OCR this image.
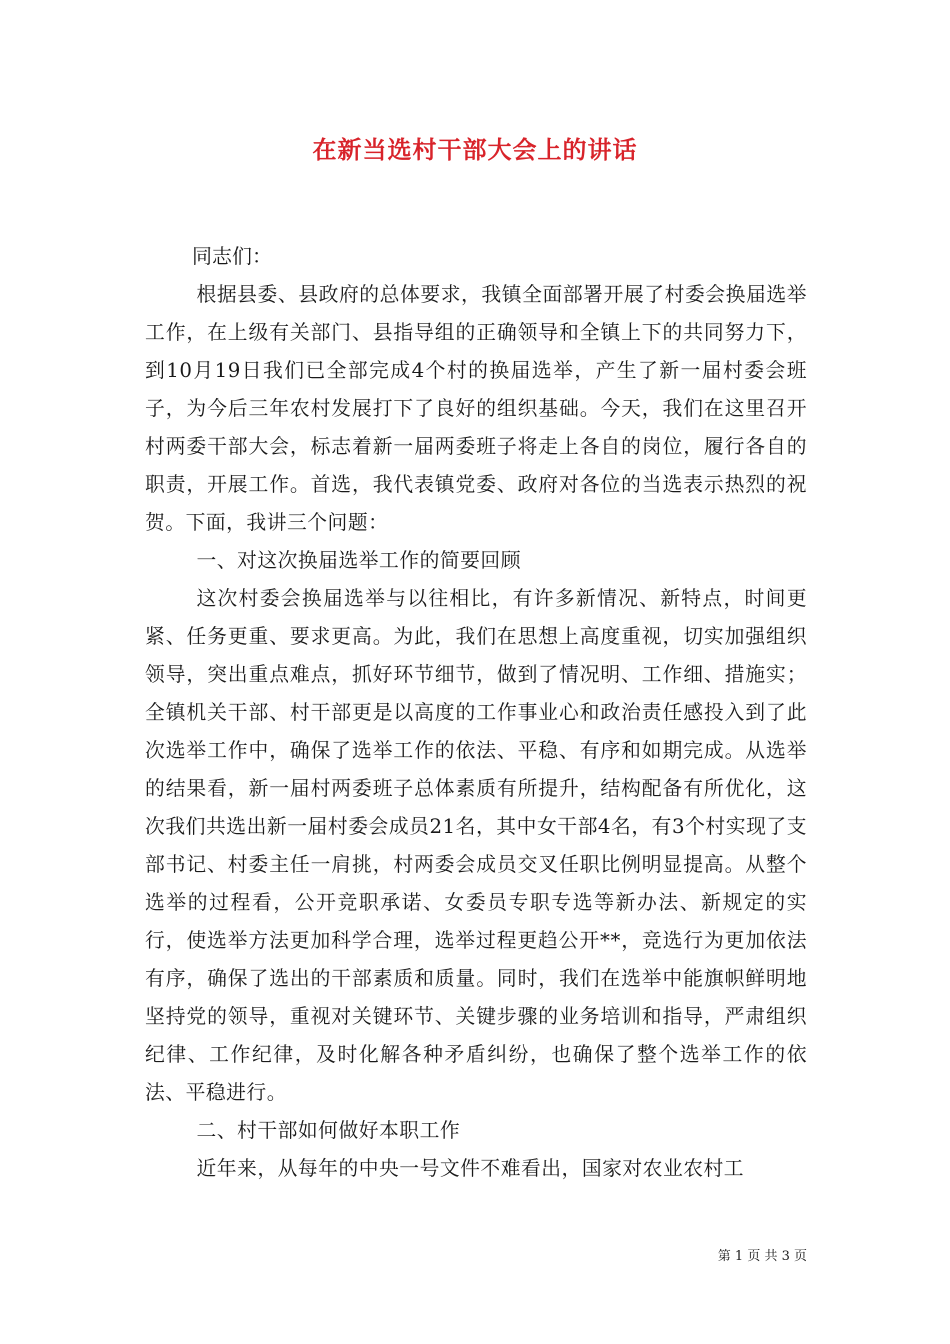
在新当选村干部大会上的讲话

同志们：

根据县委、县政府的总体要求，我镇全面部署开展了村委会换届选举工作，在上级有关部门、县指导组的正确领导和全镇上下的共同努力下，到10月19日我们已全部完成4个村的换届选举，产生了新一届村委会班子，为今后三年农村发展打下了良好的组织基础。今天，我们在这里召开村两委干部大会，标志着新一届两委班子将走上各自的岗位，履行各自的职责，开展工作。首选，我代表镇党委、政府对各位的当选表示热烈的祝贺。下面，我讲三个问题：

一、对这次换届选举工作的简要回顾

这次村委会换届选举与以往相比，有许多新情况、新特点，时间更紧、任务更重、要求更高。为此，我们在思想上高度重视，切实加强组织领导，突出重点难点，抓好环节细节，做到了情况明、工作细、措施实；全镇机关干部、村干部更是以高度的工作事业心和政治责任感投入到了此次选举工作中，确保了选举工作的依法、平稳、有序和如期完成。从选举的结果看，新一届村两委班子总体素质有所提升，结构配备有所优化，这次我们共选出新一届村委会成员21名，其中女干部4名，有3个村实现了支部书记、村委主任一肩挑，村两委会成员交叉任职比例明显提高。从整个选举的过程看，公开竞职承诺、女委员专职专选等新办法、新规定的实行，使选举方法更加科学合理，选举过程更趋公开**，竞选行为更加依法有序，确保了选出的干部素质和质量。同时，我们在选举中能旗帜鲜明地坚持党的领导，重视对关键环节、关键步骤的业务培训和指导，严肃组织纪律、工作纪律，及时化解各种矛盾纠纷，也确保了整个选举工作的依法、平稳进行。

二、村干部如何做好本职工作

近年来，从每年的中央一号文件不难看出，国家对农业农村工

第 1 页 共 3 页
